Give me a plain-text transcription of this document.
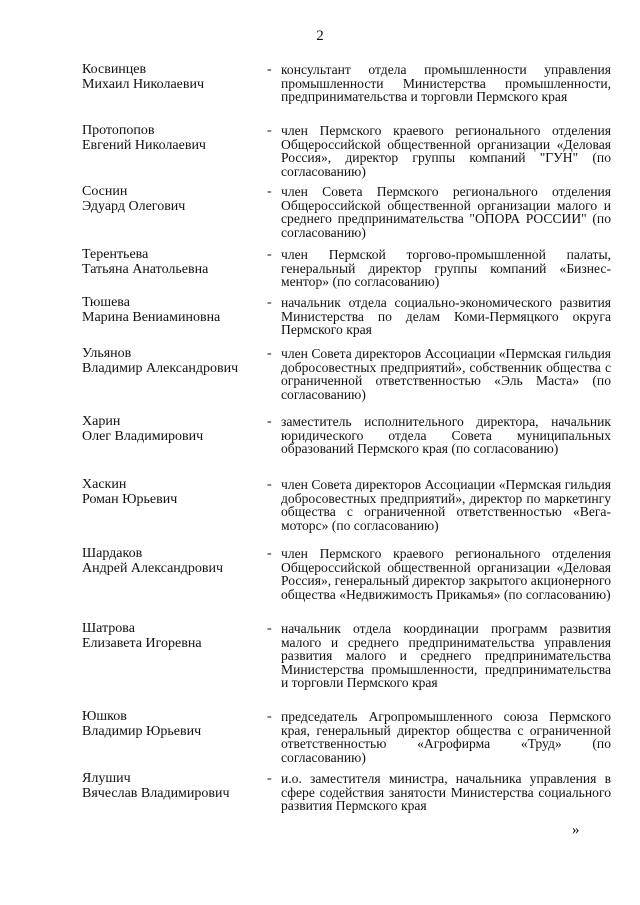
2
Косвинцев
Михаил Николаевич
- консультант отдела промышленности управления промышленности Министерства промышленности, предпринимательства и торговли Пермского края
Протопопов
Евгений Николаевич
- член Пермского краевого регионального отделения Общероссийской общественной организации «Деловая Россия», директор группы компаний "ГУН" (по согласованию)
Соснин
Эдуард Олегович
- член Совета Пермского регионального отделения Общероссийской общественной организации малого и среднего предпринимательства "ОПОРА РОССИИ" (по согласованию)
Терентьева
Татьяна Анатольевна
- член Пермской торгово-промышленной палаты, генеральный директор группы компаний «Бизнес-ментор» (по согласованию)
Тюшева
Марина Вениаминовна
- начальник отдела социально-экономического развития Министерства по делам Коми-Пермяцкого округа Пермского края
Ульянов
Владимир Александрович
- член Совета директоров Ассоциации «Пермская гильдия добросовестных предприятий», собственник общества с ограниченной ответственностью «Эль Маста» (по согласованию)
Харин
Олег Владимирович
- заместитель исполнительного директора, начальник юридического отдела Совета муниципальных образований Пермского края (по согласованию)
Хаскин
Роман Юрьевич
- член Совета директоров Ассоциации «Пермская гильдия добросовестных предприятий», директор по маркетингу общества с ограниченной ответственностью «Вега-моторс» (по согласованию)
Шардаков
Андрей Александрович
- член Пермского краевого регионального отделения Общероссийской общественной организации «Деловая Россия», генеральный директор закрытого акционерного общества «Недвижимость Прикамья» (по согласованию)
Шатрова
Елизавета Игоревна
- начальник отдела координации программ развития малого и среднего предпринимательства управления развития малого и среднего предпринимательства Министерства промышленности, предпринимательства и торговли Пермского края
Юшков
Владимир Юрьевич
- председатель Агропромышленного союза Пермского края, генеральный директор общества с ограниченной ответственностью «Агрофирма «Труд» (по согласованию)
Ялушич
Вячеслав Владимирович
- и.о. заместителя министра, начальника управления в сфере содействия занятости Министерства социального развития Пермского края
»
